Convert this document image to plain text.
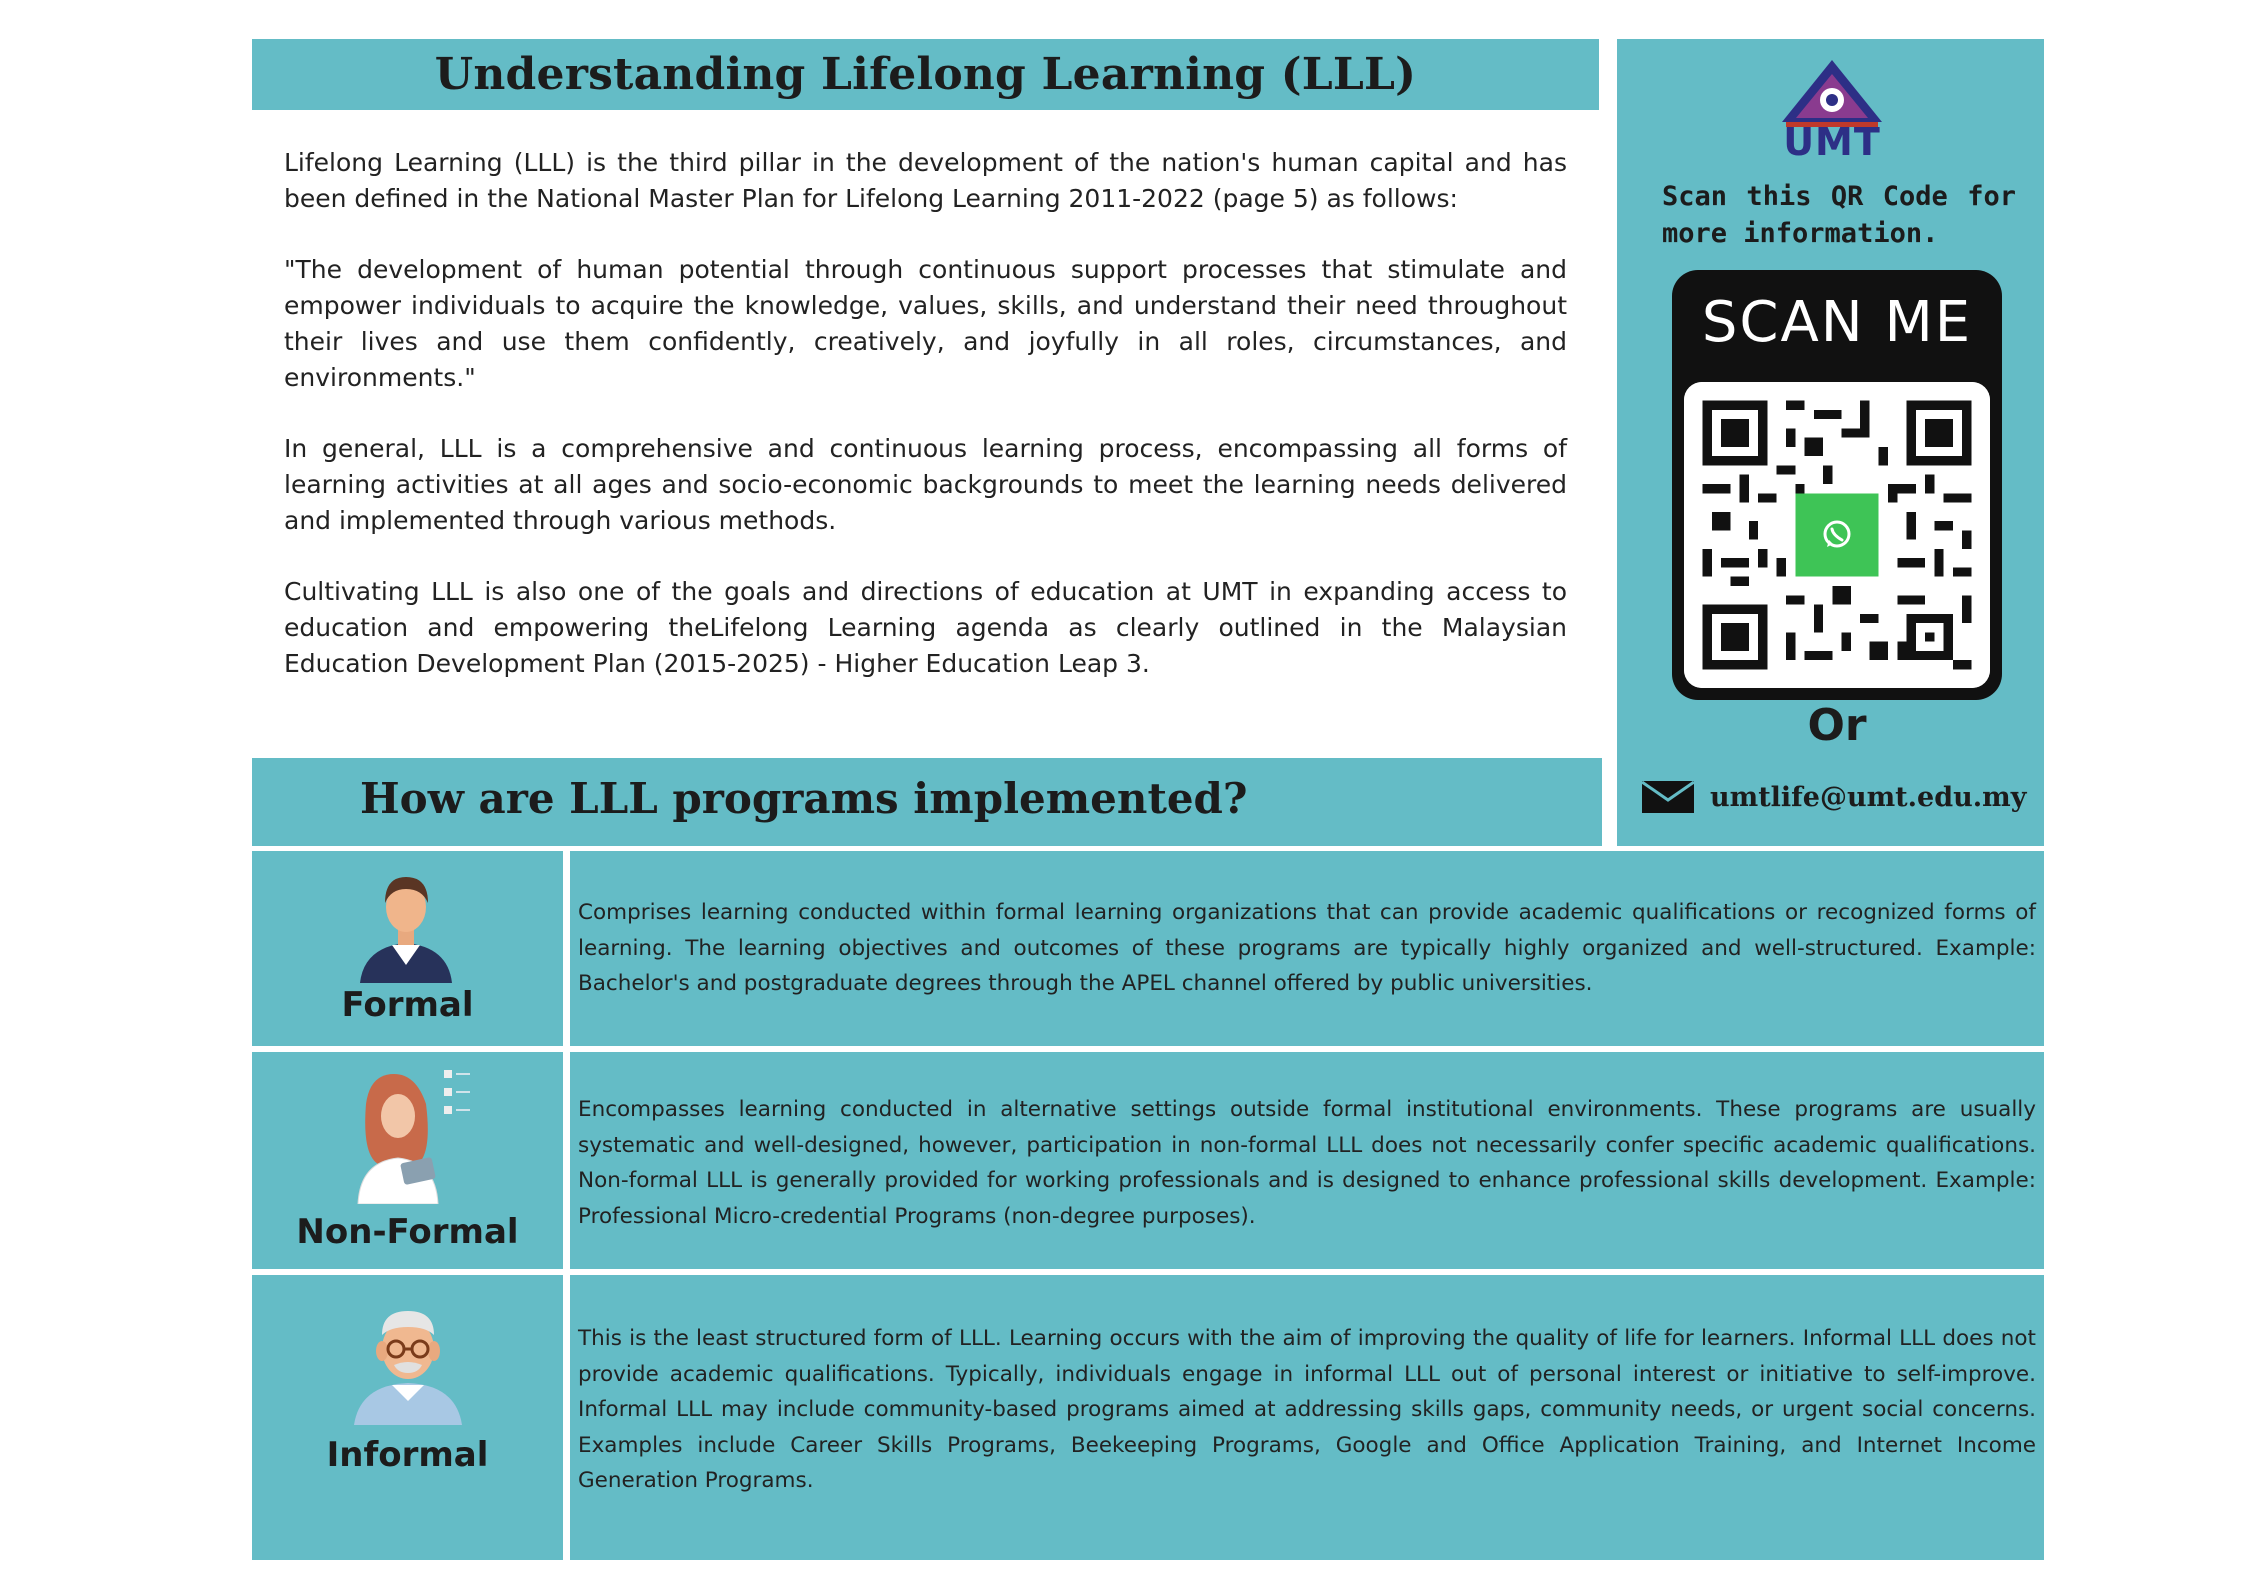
Understanding Lifelong Learning (LLL)

Lifelong Learning (LLL) is the third pillar in the development of the nation's human capital and has been defined in the National Master Plan for Lifelong Learning 2011-2022 (page 5) as follows:

"The development of human potential through continuous support processes that stimulate and empower individuals to acquire the knowledge, values, skills, and understand their need throughout their lives and use them confidently, creatively, and joyfully in all roles, circumstances, and environments."

In general, LLL is a comprehensive and continuous learning process, encompassing all forms of learning activities at all ages and socio-economic backgrounds to meet the learning needs delivered and implemented through various methods.

Cultivating LLL is also one of the goals and directions of education at UMT in expanding access to education and empowering theLifelong Learning agenda as clearly outlined in the Malaysian Education Development Plan (2015-2025) - Higher Education Leap 3.

UMT
Scan this QR Code for more information.
SCAN ME
Or
umtlife@umt.edu.my
How are LLL programs implemented?
Formal
Comprises learning conducted within formal learning organizations that can provide academic qualifications or recognized forms of learning. The learning objectives and outcomes of these programs are typically highly organized and well-structured. Example: Bachelor's and postgraduate degrees through the APEL channel offered by public universities.
Non-Formal
Encompasses learning conducted in alternative settings outside formal institutional environments. These programs are usually systematic and well-designed, however, participation in non-formal LLL does not necessarily confer specific academic qualifications. Non-formal LLL is generally provided for working professionals and is designed to enhance professional skills development. Example: Professional Micro-credential Programs (non-degree purposes).
Informal
This is the least structured form of LLL. Learning occurs with the aim of improving the quality of life for learners. Informal LLL does not provide academic qualifications. Typically, individuals engage in informal LLL out of personal interest or initiative to self-improve. Informal LLL may include community-based programs aimed at addressing skills gaps, community needs, or urgent social concerns. Examples include Career Skills Programs, Beekeeping Programs, Google and Office Application Training, and Internet Income Generation Programs.
